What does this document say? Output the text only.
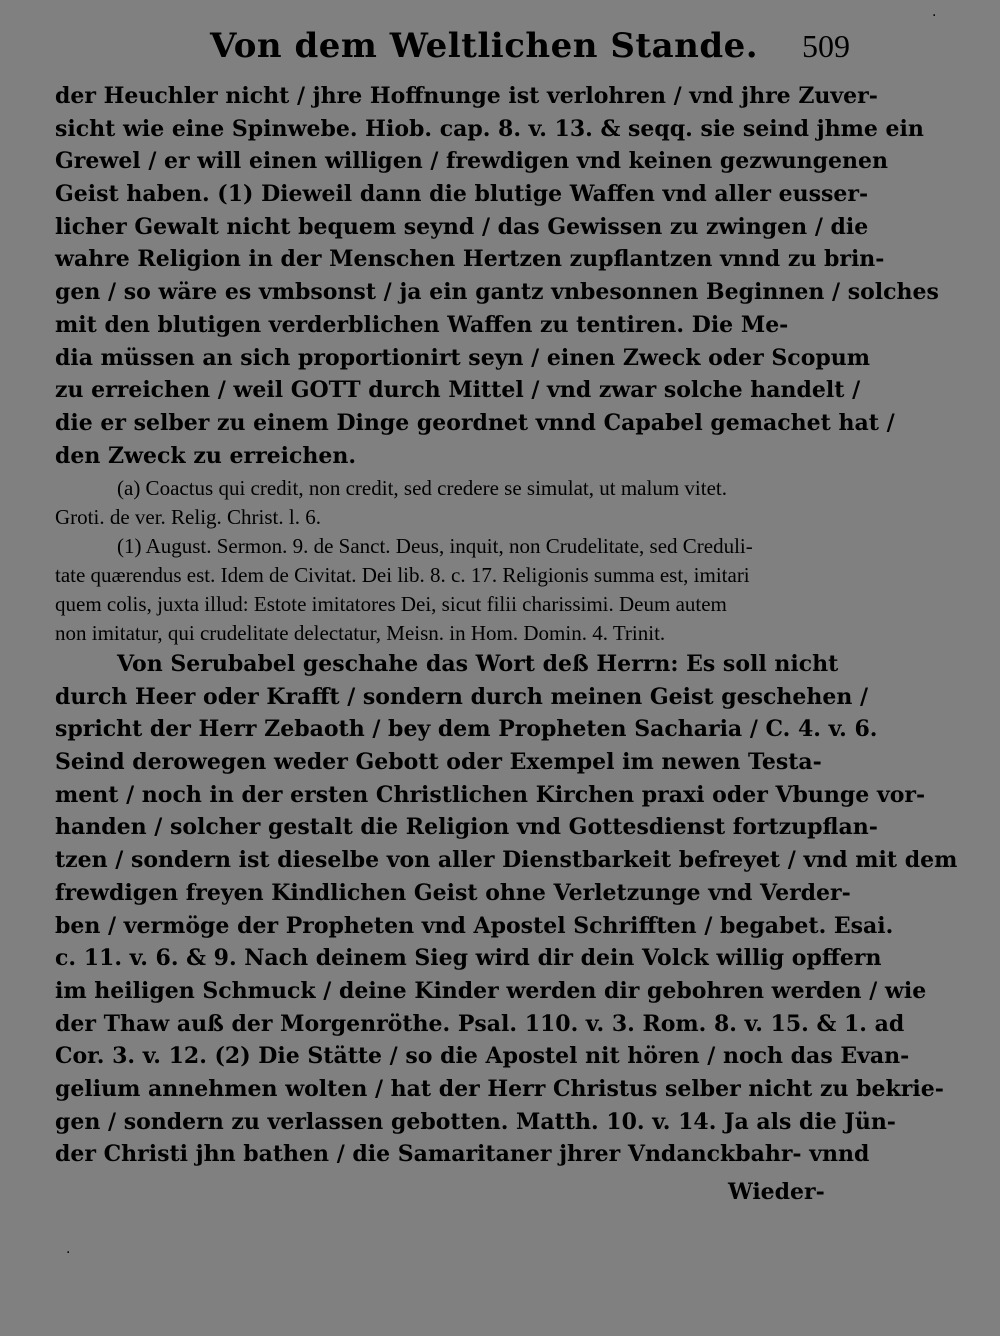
Von dem Weltlichen Stande. 509
der Heuchler nicht / jhre Hoffnunge ist verlohren / vnd jhre Zuver-
sicht wie eine Spinwebe. Hiob. cap. 8. v. 13. & seqq. sie seind jhme ein
Grewel / er will einen willigen / frewdigen vnd keinen gezwungenen
Geist haben. (1) Dieweil dann die blutige Waffen vnd aller eusser-
licher Gewalt nicht bequem seynd / das Gewissen zu zwingen / die
wahre Religion in der Menschen Hertzen zupflantzen vnnd zu brin-
gen / so wäre es vmbsonst / ja ein gantz vnbesonnen Beginnen / solches
mit den blutigen verderblichen Waffen zu tentiren. Die Me-
dia müssen an sich proportionirt seyn / einen Zweck oder Scopum
zu erreichen / weil GOTT durch Mittel / vnd zwar solche handelt /
die er selber zu einem Dinge geordnet vnnd Capabel gemachet hat /
den Zweck zu erreichen.
(a) Coactus qui credit, non credit, sed credere se simulat, ut malum vitet.
Groti. de ver. Relig. Christ. l. 6.
(1) August. Sermon. 9. de Sanct. Deus, inquit, non Crudelitate, sed Creduli-
tate quærendus est. Idem de Civitat. Dei lib. 8. c. 17. Religionis summa est, imitari
quem colis, juxta illud: Estote imitatores Dei, sicut filii charissimi. Deum autem
non imitatur, qui crudelitate delectatur, Meisn. in Hom. Domin. 4. Trinit.
Von Serubabel geschahe das Wort deß Herrn: Es soll nicht
durch Heer oder Krafft / sondern durch meinen Geist geschehen /
spricht der Herr Zebaoth / bey dem Propheten Sacharia / C. 4. v. 6.
Seind derowegen weder Gebott oder Exempel im newen Testa-
ment / noch in der ersten Christlichen Kirchen praxi oder Vbunge vor-
handen / solcher gestalt die Religion vnd Gottesdienst fortzupflan-
tzen / sondern ist dieselbe von aller Dienstbarkeit befreyet / vnd mit dem
frewdigen freyen Kindlichen Geist ohne Verletzunge vnd Verder-
ben / vermöge der Propheten vnd Apostel Schrifften / begabet. Esai.
c. 11. v. 6. & 9. Nach deinem Sieg wird dir dein Volck willig opffern
im heiligen Schmuck / deine Kinder werden dir gebohren werden / wie
der Thaw auß der Morgenröthe. Psal. 110. v. 3. Rom. 8. v. 15. & 1. ad
Cor. 3. v. 12. (2) Die Stätte / so die Apostel nit hören / noch das Evan-
gelium annehmen wolten / hat der Herr Christus selber nicht zu bekrie-
gen / sondern zu verlassen gebotten. Matth. 10. v. 14. Ja als die Jün-
der Christi jhn bathen / die Samaritaner jhrer Vndanckbahr- vnnd
Wieder-
·
·
